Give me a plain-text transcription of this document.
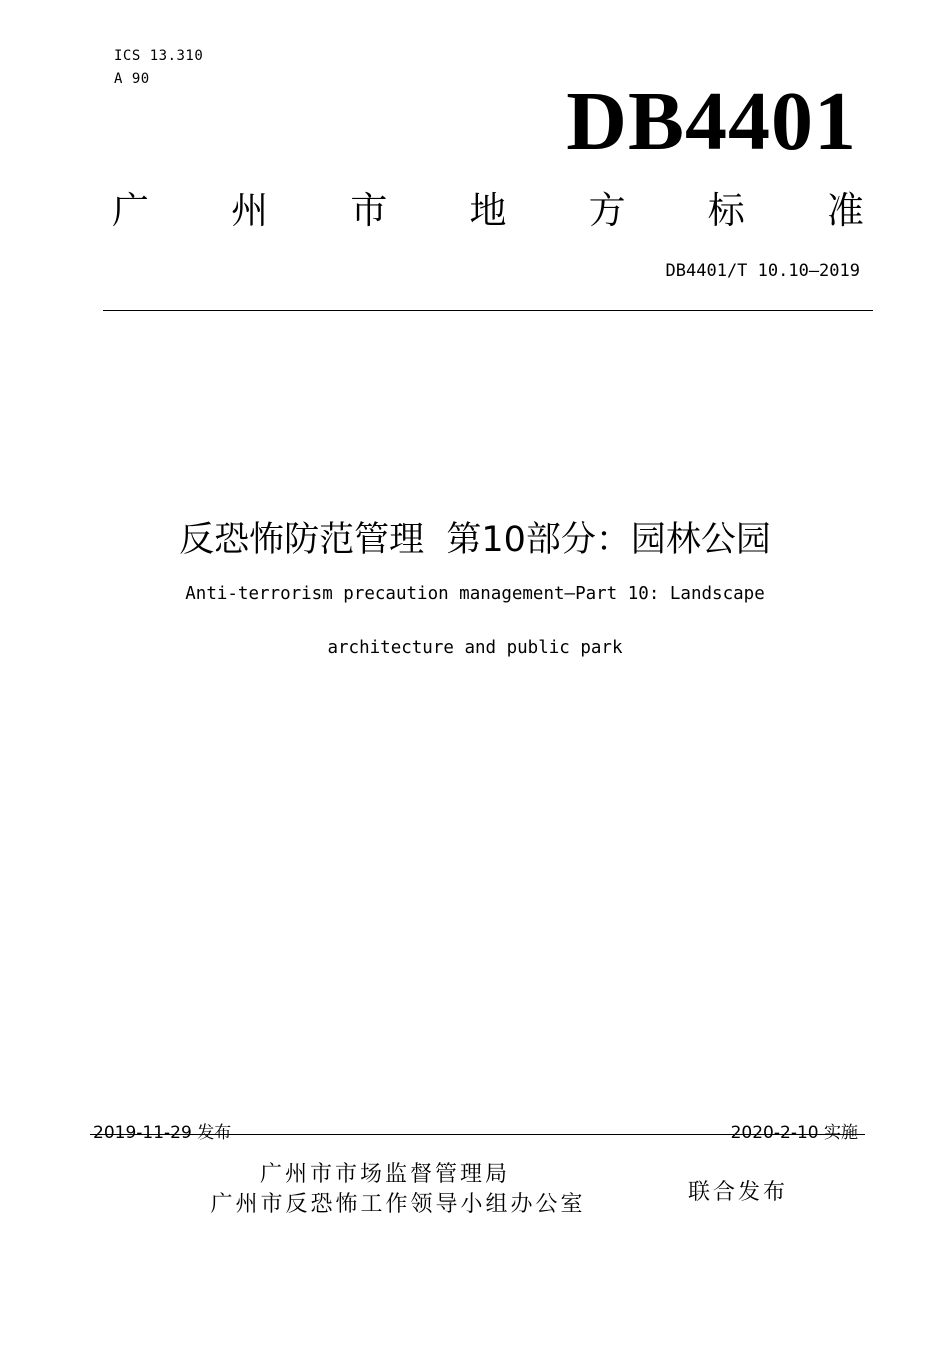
ICS 13.310
A 90	DB4401
广 州 市 地 方 标 准
DB4401/T 10.10—2019
反恐怖防范管理  第10部分：园林公园
Anti-terrorism precaution management—Part 10: Landscape
architecture and public park
2019-11-29 发布	2020-2-10 实施
广州市市场监督管理局
广州市反恐怖工作领导小组办公室	联合发布
